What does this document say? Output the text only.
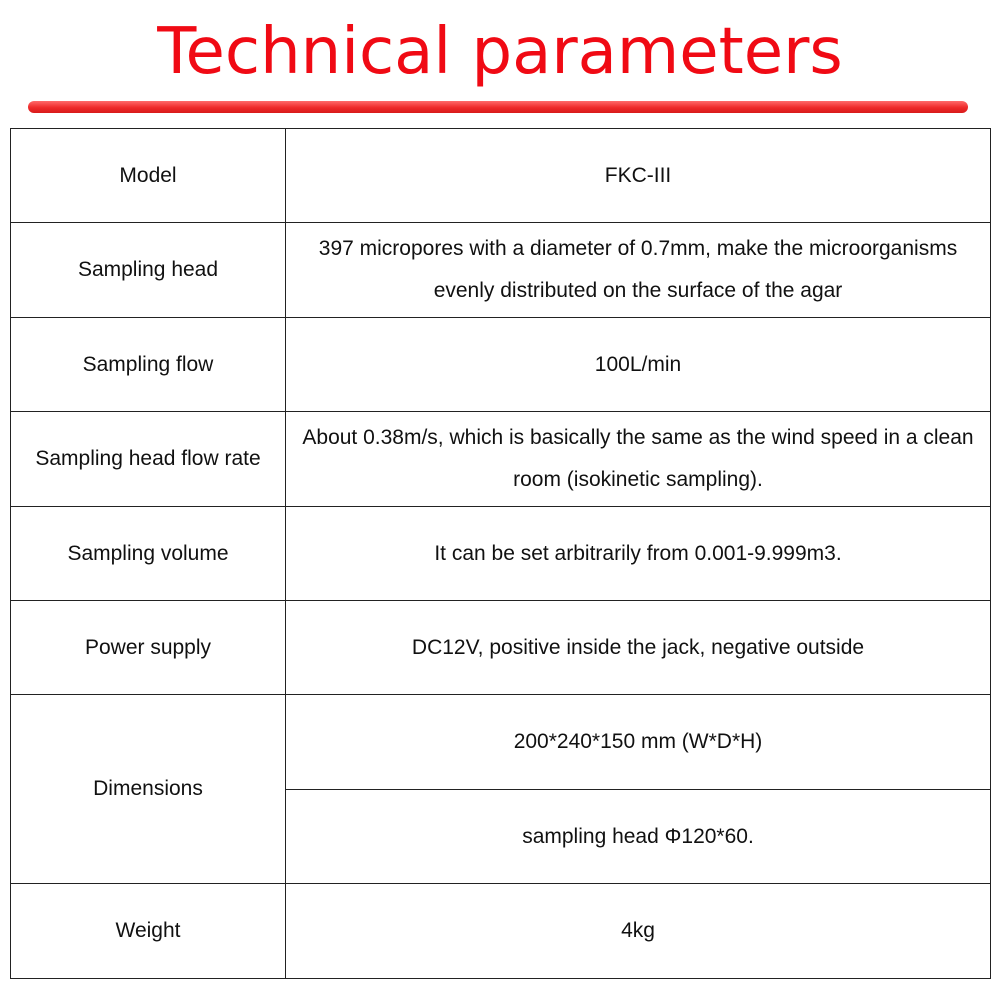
Technical parameters
Model	FKC-III
Sampling head	397 micropores with a diameter of 0.7mm, make the microorganisms evenly distributed on the surface of the agar
Sampling flow	100L/min
Sampling head flow rate	About 0.38m/s, which is basically the same as the wind speed in a clean room (isokinetic sampling).
Sampling volume	It can be set arbitrarily from 0.001-9.999m3.
Power supply	DC12V, positive inside the jack, negative outside
Dimensions	200*240*150 mm (W*D*H)
	sampling head Φ120*60.
Weight	4kg
